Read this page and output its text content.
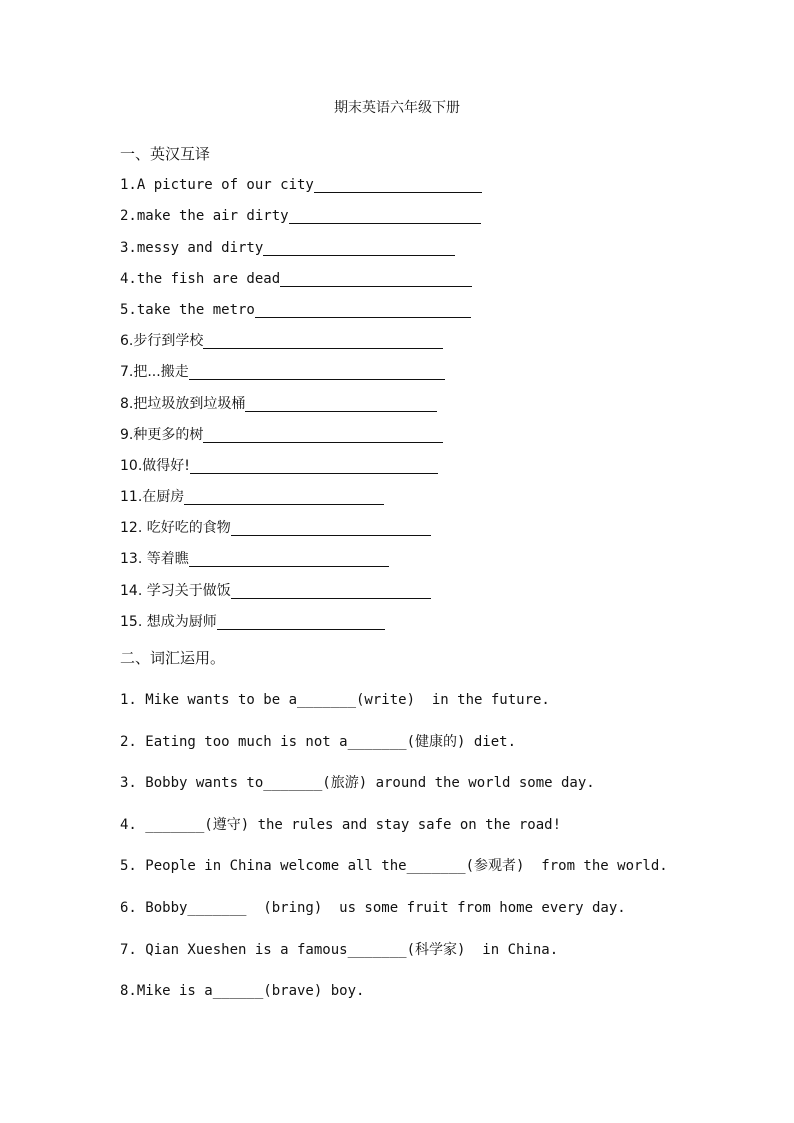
期末英语六年级下册
一、英汉互译
1.A picture of our city
2.make the air dirty
3.messy and dirty
4.the fish are dead
5.take the metro
6.步行到学校
7.把...搬走
8.把垃圾放到垃圾桶
9.种更多的树
10.做得好!
11.在厨房
12. 吃好吃的食物
13. 等着瞧
14. 学习关于做饭
15. 想成为厨师
二、词汇运用。
1. Mike wants to be a_______(write)  in the future.
2. Eating too much is not a_______(健康的) diet.
3. Bobby wants to_______(旅游) around the world some day.
4. _______(遵守) the rules and stay safe on the road!
5. People in China welcome all the_______(参观者)  from the world.
6. Bobby_______  (bring)  us some fruit from home every day.
7. Qian Xueshen is a famous_______(科学家)  in China.
8.Mike is a______(brave) boy.
